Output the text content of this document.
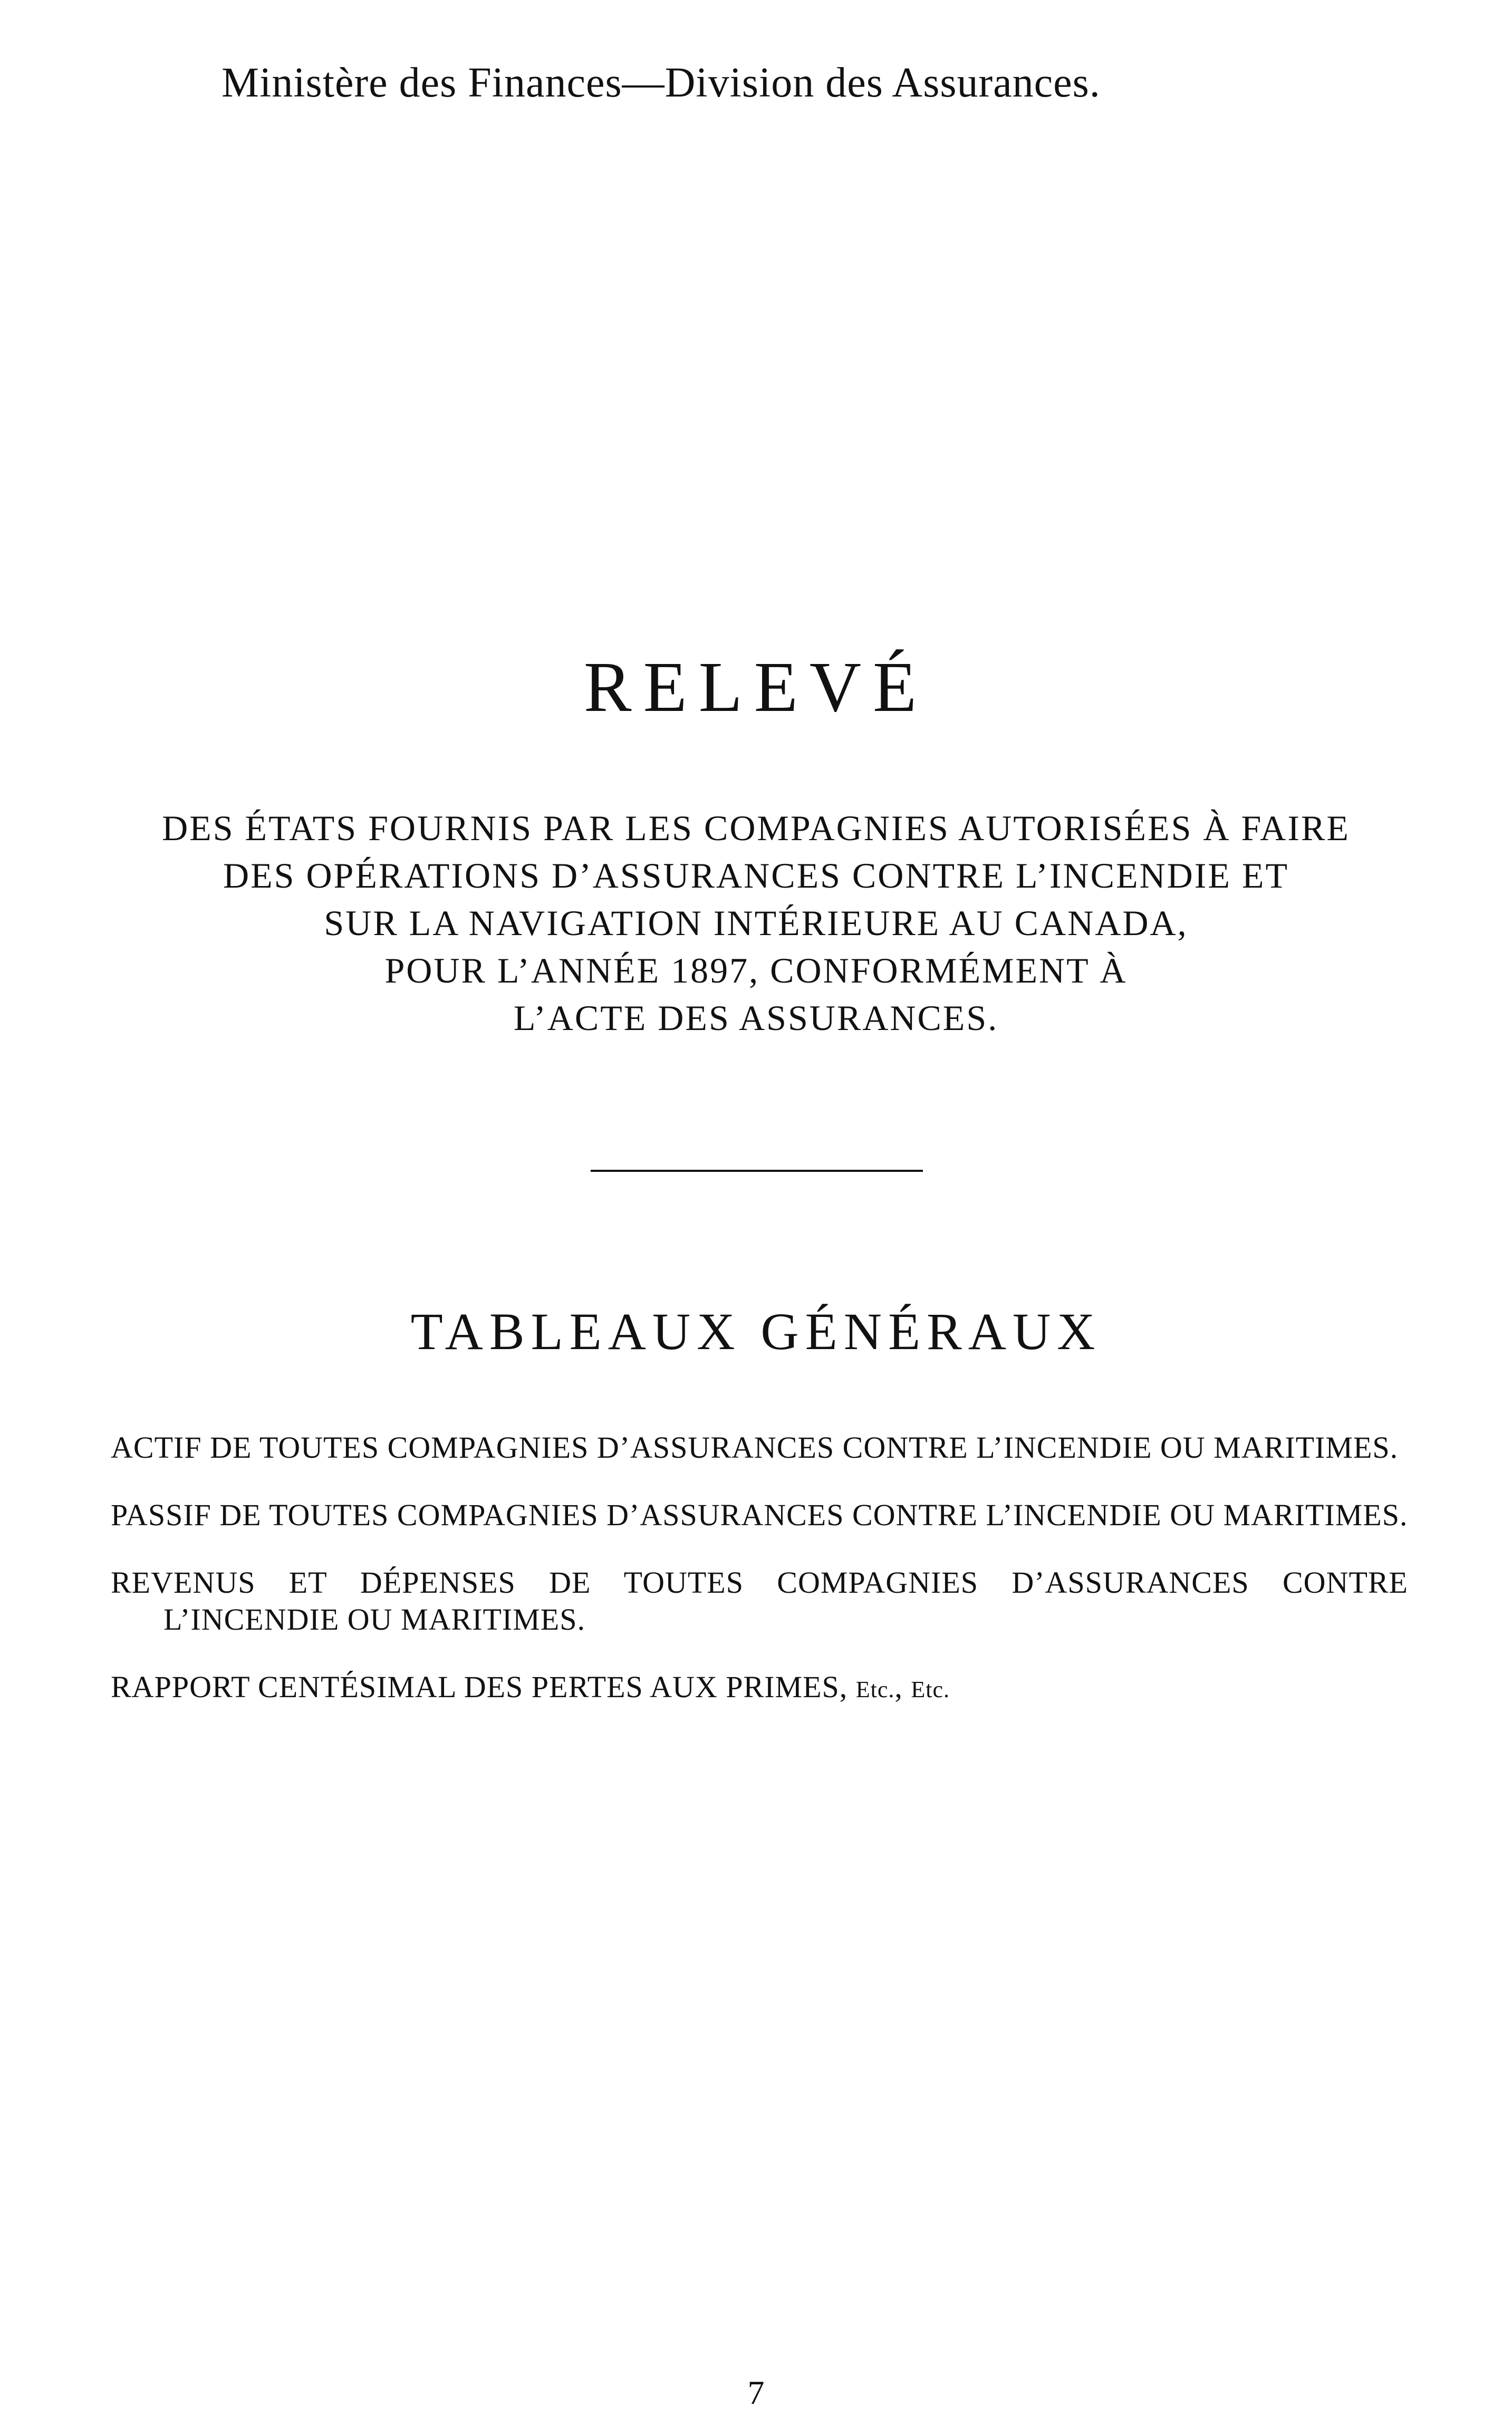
Ministère des Finances—Division des Assurances.
RELEVÉ
DES ÉTATS FOURNIS PAR LES COMPAGNIES AUTORISÉES À FAIRE
DES OPÉRATIONS D’ASSURANCES CONTRE L’INCENDIE ET
SUR LA NAVIGATION INTÉRIEURE AU CANADA,
POUR L’ANNÉE 1897, CONFORMÉMENT À
L’ACTE DES ASSURANCES.
TABLEAUX GÉNÉRAUX

ACTIF DE TOUTES COMPAGNIES D’ASSURANCES CONTRE L’INCENDIE OU MARITIMES.

PASSIF DE TOUTES COMPAGNIES D’ASSURANCES CONTRE L’INCENDIE OU MARITIMES.

REVENUS ET DÉPENSES DE TOUTES COMPAGNIES D’ASSURANCES CONTRE L’INCENDIE OU MARITIMES.

RAPPORT CENTÉSIMAL DES PERTES AUX PRIMES, Etc., Etc.

7
